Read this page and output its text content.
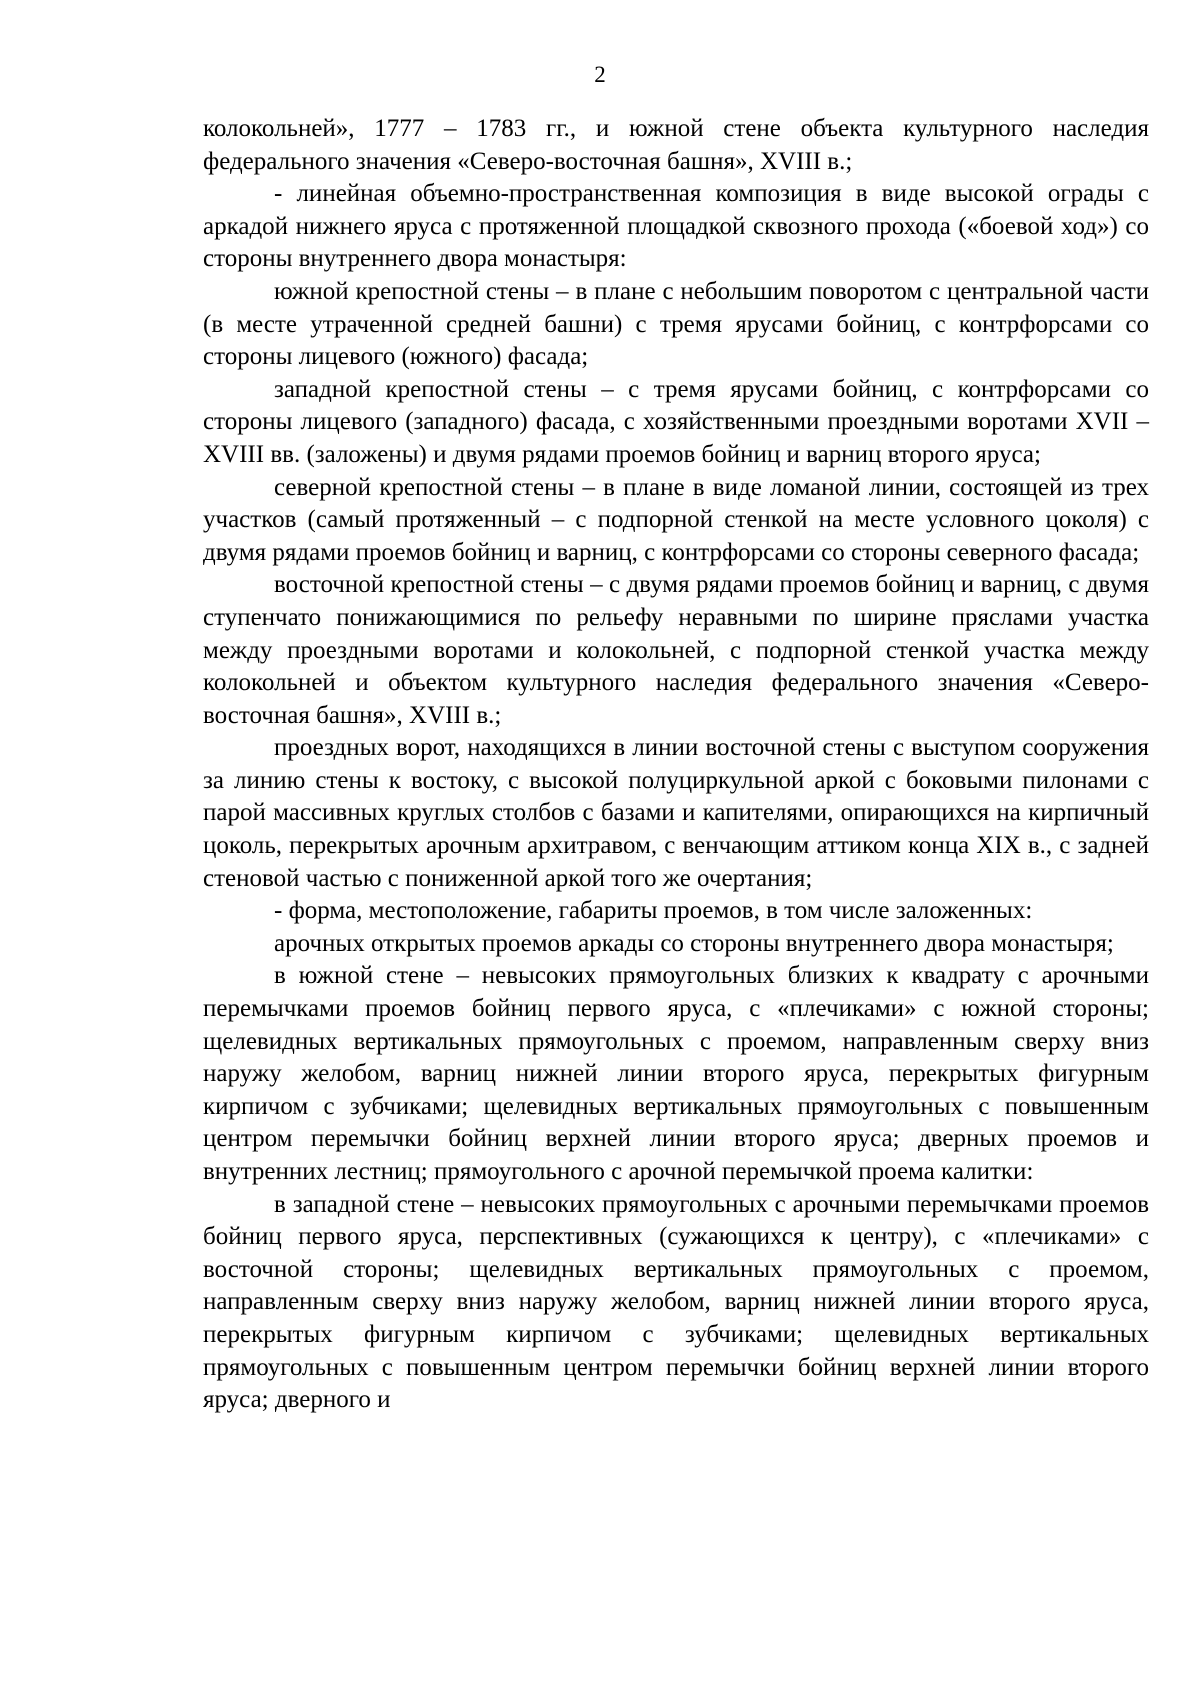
2

колокольней», 1777 – 1783 гг., и южной стене объекта культурного наследия федерального значения «Северо-восточная башня», XVIII в.;

- линейная объемно-пространственная композиция в виде высокой ограды с аркадой нижнего яруса с протяженной площадкой сквозного прохода («боевой ход») со стороны внутреннего двора монастыря:

южной крепостной стены – в плане с небольшим поворотом с центральной части (в месте утраченной средней башни) с тремя ярусами бойниц, с контрфорсами со стороны лицевого (южного) фасада;

западной крепостной стены – с тремя ярусами бойниц, с контрфорсами со стороны лицевого (западного) фасада, с хозяйственными проездными воротами XVII – XVIII вв. (заложены) и двумя рядами проемов бойниц и варниц второго яруса;

северной крепостной стены – в плане в виде ломаной линии, состоящей из трех участков (самый протяженный – с подпорной стенкой на месте условного цоколя) с двумя рядами проемов бойниц и варниц, с контрфорсами со стороны северного фасада;

восточной крепостной стены – с двумя рядами проемов бойниц и варниц, с двумя ступенчато понижающимися по рельефу неравными по ширине пряслами участка между проездными воротами и колокольней, с подпорной стенкой участка между колокольней и объектом культурного наследия федерального значения «Северо-восточная башня», XVIII в.;

проездных ворот, находящихся в линии восточной стены с выступом сооружения за линию стены к востоку, с высокой полуциркульной аркой с боковыми пилонами с парой массивных круглых столбов с базами и капителями, опирающихся на кирпичный цоколь, перекрытых арочным архитравом, с венчающим аттиком конца XIX в., с задней стеновой частью с пониженной аркой того же очертания;

- форма, местоположение, габариты проемов, в том числе заложенных:

арочных открытых проемов аркады со стороны внутреннего двора монастыря;

в южной стене – невысоких прямоугольных близких к квадрату с арочными перемычками проемов бойниц первого яруса, с «плечиками» с южной стороны; щелевидных вертикальных прямоугольных с проемом, направленным сверху вниз наружу желобом, варниц нижней линии второго яруса, перекрытых фигурным кирпичом с зубчиками; щелевидных вертикальных прямоугольных с повышенным центром перемычки бойниц верхней линии второго яруса; дверных проемов и внутренних лестниц; прямоугольного с арочной перемычкой проема калитки:

в западной стене – невысоких прямоугольных с арочными перемычками проемов бойниц первого яруса, перспективных (сужающихся к центру), с «плечиками» с восточной стороны; щелевидных вертикальных прямоугольных с проемом, направленным сверху вниз наружу желобом, варниц нижней линии второго яруса, перекрытых фигурным кирпичом с зубчиками; щелевидных вертикальных прямоугольных с повышенным центром перемычки бойниц верхней линии второго яруса; дверного и
